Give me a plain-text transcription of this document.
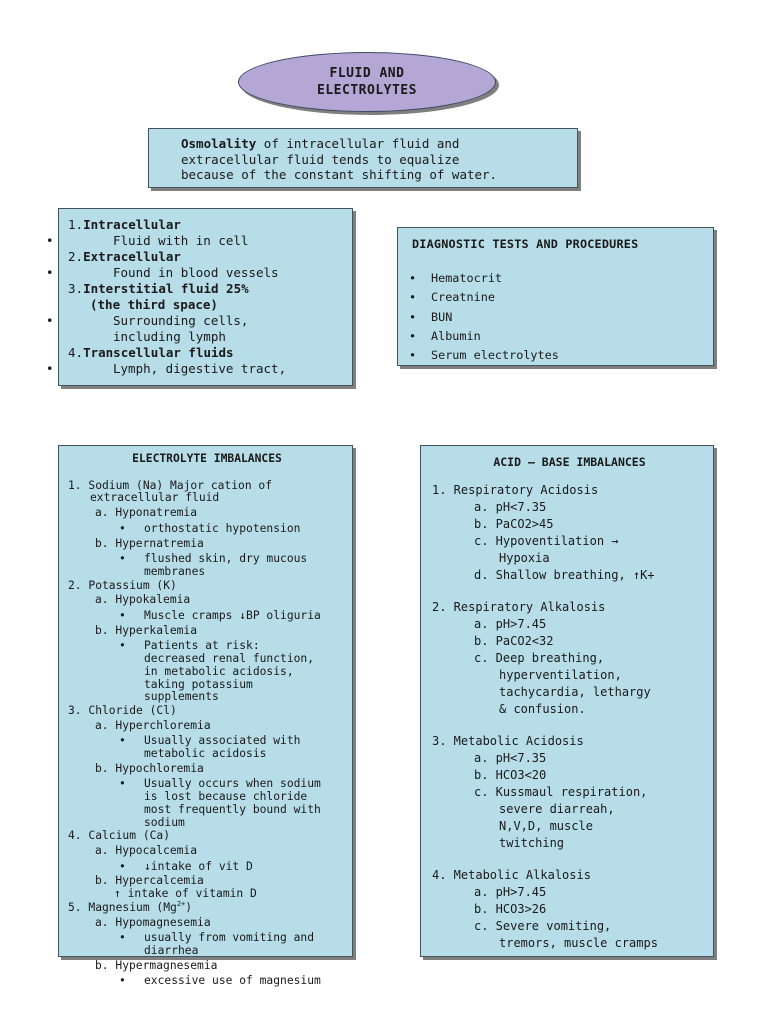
FLUID AND
ELECTROLYTES
Osmolality of intracellular fluid and
extracellular fluid tends to equalize
because of the constant shifting of water.
1.Intracellular
• Fluid with in cell
2.Extracellular
• Found in blood vessels
3.Interstitial fluid 25%
(the third space)
• Surrounding cells,
including lymph
4.Transcellular fluids
• Lymph, digestive tract,
DIAGNOSTIC TESTS AND PROCEDURES
• Hematocrit
• Creatnine
• BUN
• Albumin
• Serum electrolytes
ELECTROLYTE IMBALANCES
1. Sodium (Na) Major cation of
extracellular fluid
a. Hyponatremia
• orthostatic hypotension
b. Hypernatremia
• flushed skin, dry mucous
membranes
2. Potassium (K)
a. Hypokalemia
• Muscle cramps ↓BP oliguria
b. Hyperkalemia
• Patients at risk:
decreased renal function,
in metabolic acidosis,
taking potassium
supplements
3. Chloride (Cl)
a. Hyperchloremia
• Usually associated with
metabolic acidosis
b. Hypochloremia
• Usually occurs when sodium
is lost because chloride
most frequently bound with
sodium
4. Calcium (Ca)
a. Hypocalcemia
• ↓intake of vit D
b. Hypercalcemia
↑ intake of vitamin D
5. Magnesium $(Mg^{2+})$
a. Hypomagnesemia
• usually from vomiting and
diarrhea
b. Hypermagnesemia
• excessive use of magnesium
ACID – BASE IMBALANCES
1. Respiratory Acidosis
a. pH<7.35
b. PaCO2>45
c. Hypoventilation →
Hypoxia
d. Shallow breathing, ↑K+
2. Respiratory Alkalosis
a. pH>7.45
b. PaCO2<32
c. Deep breathing,
hyperventilation,
tachycardia, lethargy
& confusion.
3. Metabolic Acidosis
a. pH<7.35
b. HCO3<20
c. Kussmaul respiration,
severe diarreah,
N,V,D, muscle
twitching
4. Metabolic Alkalosis
a. pH>7.45
b. HCO3>26
c. Severe vomiting,
tremors, muscle cramps
